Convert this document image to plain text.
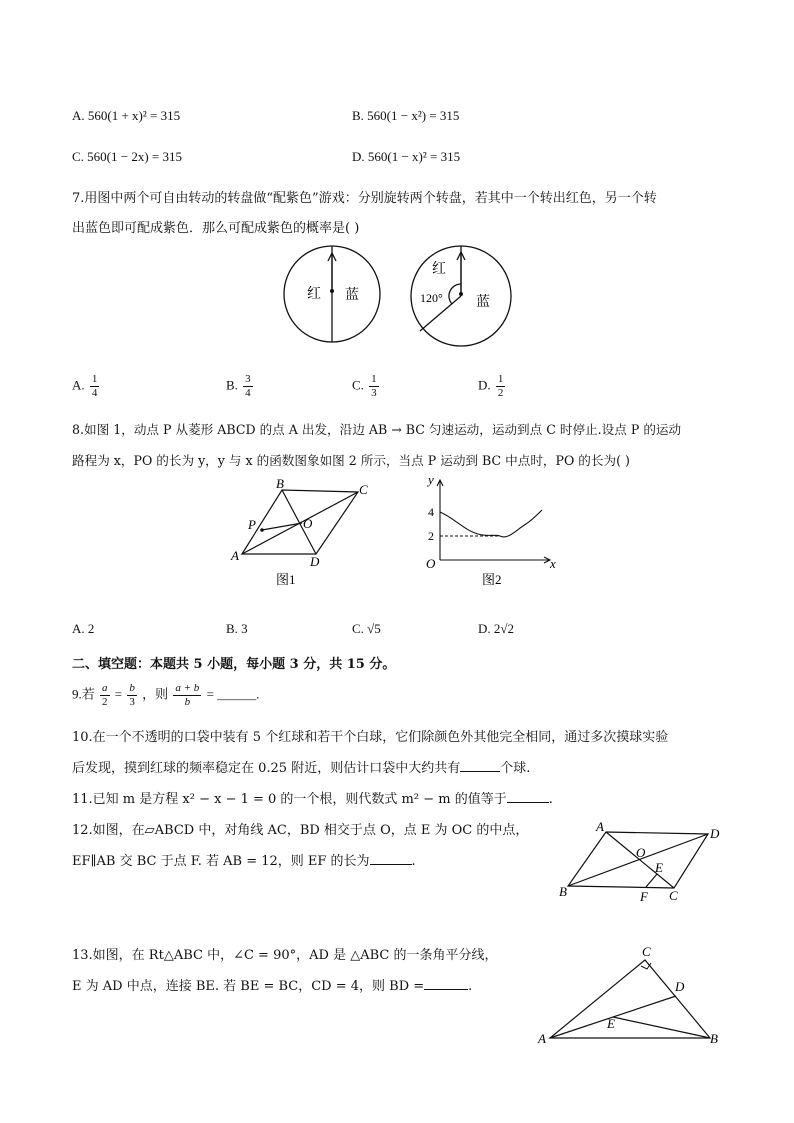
A. 560(1 + x)² = 315	B. 560(1 − x²) = 315
C. 560(1 − 2x) = 315	D. 560(1 − x)² = 315
7.用图中两个可自由转动的转盘做“配紫色”游戏：分别旋转两个转盘，若其中一个转出红色，另一个转
出蓝色即可配成紫色．那么可配成紫色的概率是( )
红 蓝
红
120° 蓝
A. $\frac{1}{4}$	B. $\frac{3}{4}$	C. $\frac{1}{3}$	D. $\frac{1}{2}$
8.如图 1，动点 P 从菱形 ABCD 的点 A 出发，沿边 AB → BC 匀速运动，运动到点 C 时停止.设点 P 的运动
路程为 x，PO 的长为 y，y 与 x 的函数图象如图 2 所示，当点 P 运动到 BC 中点时，PO 的长为( )
B	C
P	O
A	D
图1
y
4
2
O	x
图2
A. 2	B. 3	C. √5	D. 2√2
二、填空题：本题共 5 小题，每小题 3 分，共 15 分。
9.若 $\frac{a}{2} = \frac{b}{3}$ ，则 $\frac{a + b}{b}$ = ______.
10.在一个不透明的口袋中装有 5 个红球和若干个白球，它们除颜色外其他完全相同，通过多次摸球实验
后发现，摸到红球的频率稳定在 0.25 附近，则估计口袋中大约共有	个球.
11.已知 m 是方程 x² − x − 1 = 0 的一个根，则代数式 m² − m 的值等于	.
12.如图，在▱ABCD 中，对角线 AC，BD 相交于点 O，点 E 为 OC 的中点，
EF∥AB 交 BC 于点 F. 若 AB = 12，则 EF 的长为	.
A	D
O
E
B	F C
13.如图，在 Rt△ABC 中，∠C = 90°，AD 是 △ABC 的一条角平分线，
E 为 AD 中点，连接 BE. 若 BE = BC，CD = 4，则 BD =	.
C
D
E
A	B
